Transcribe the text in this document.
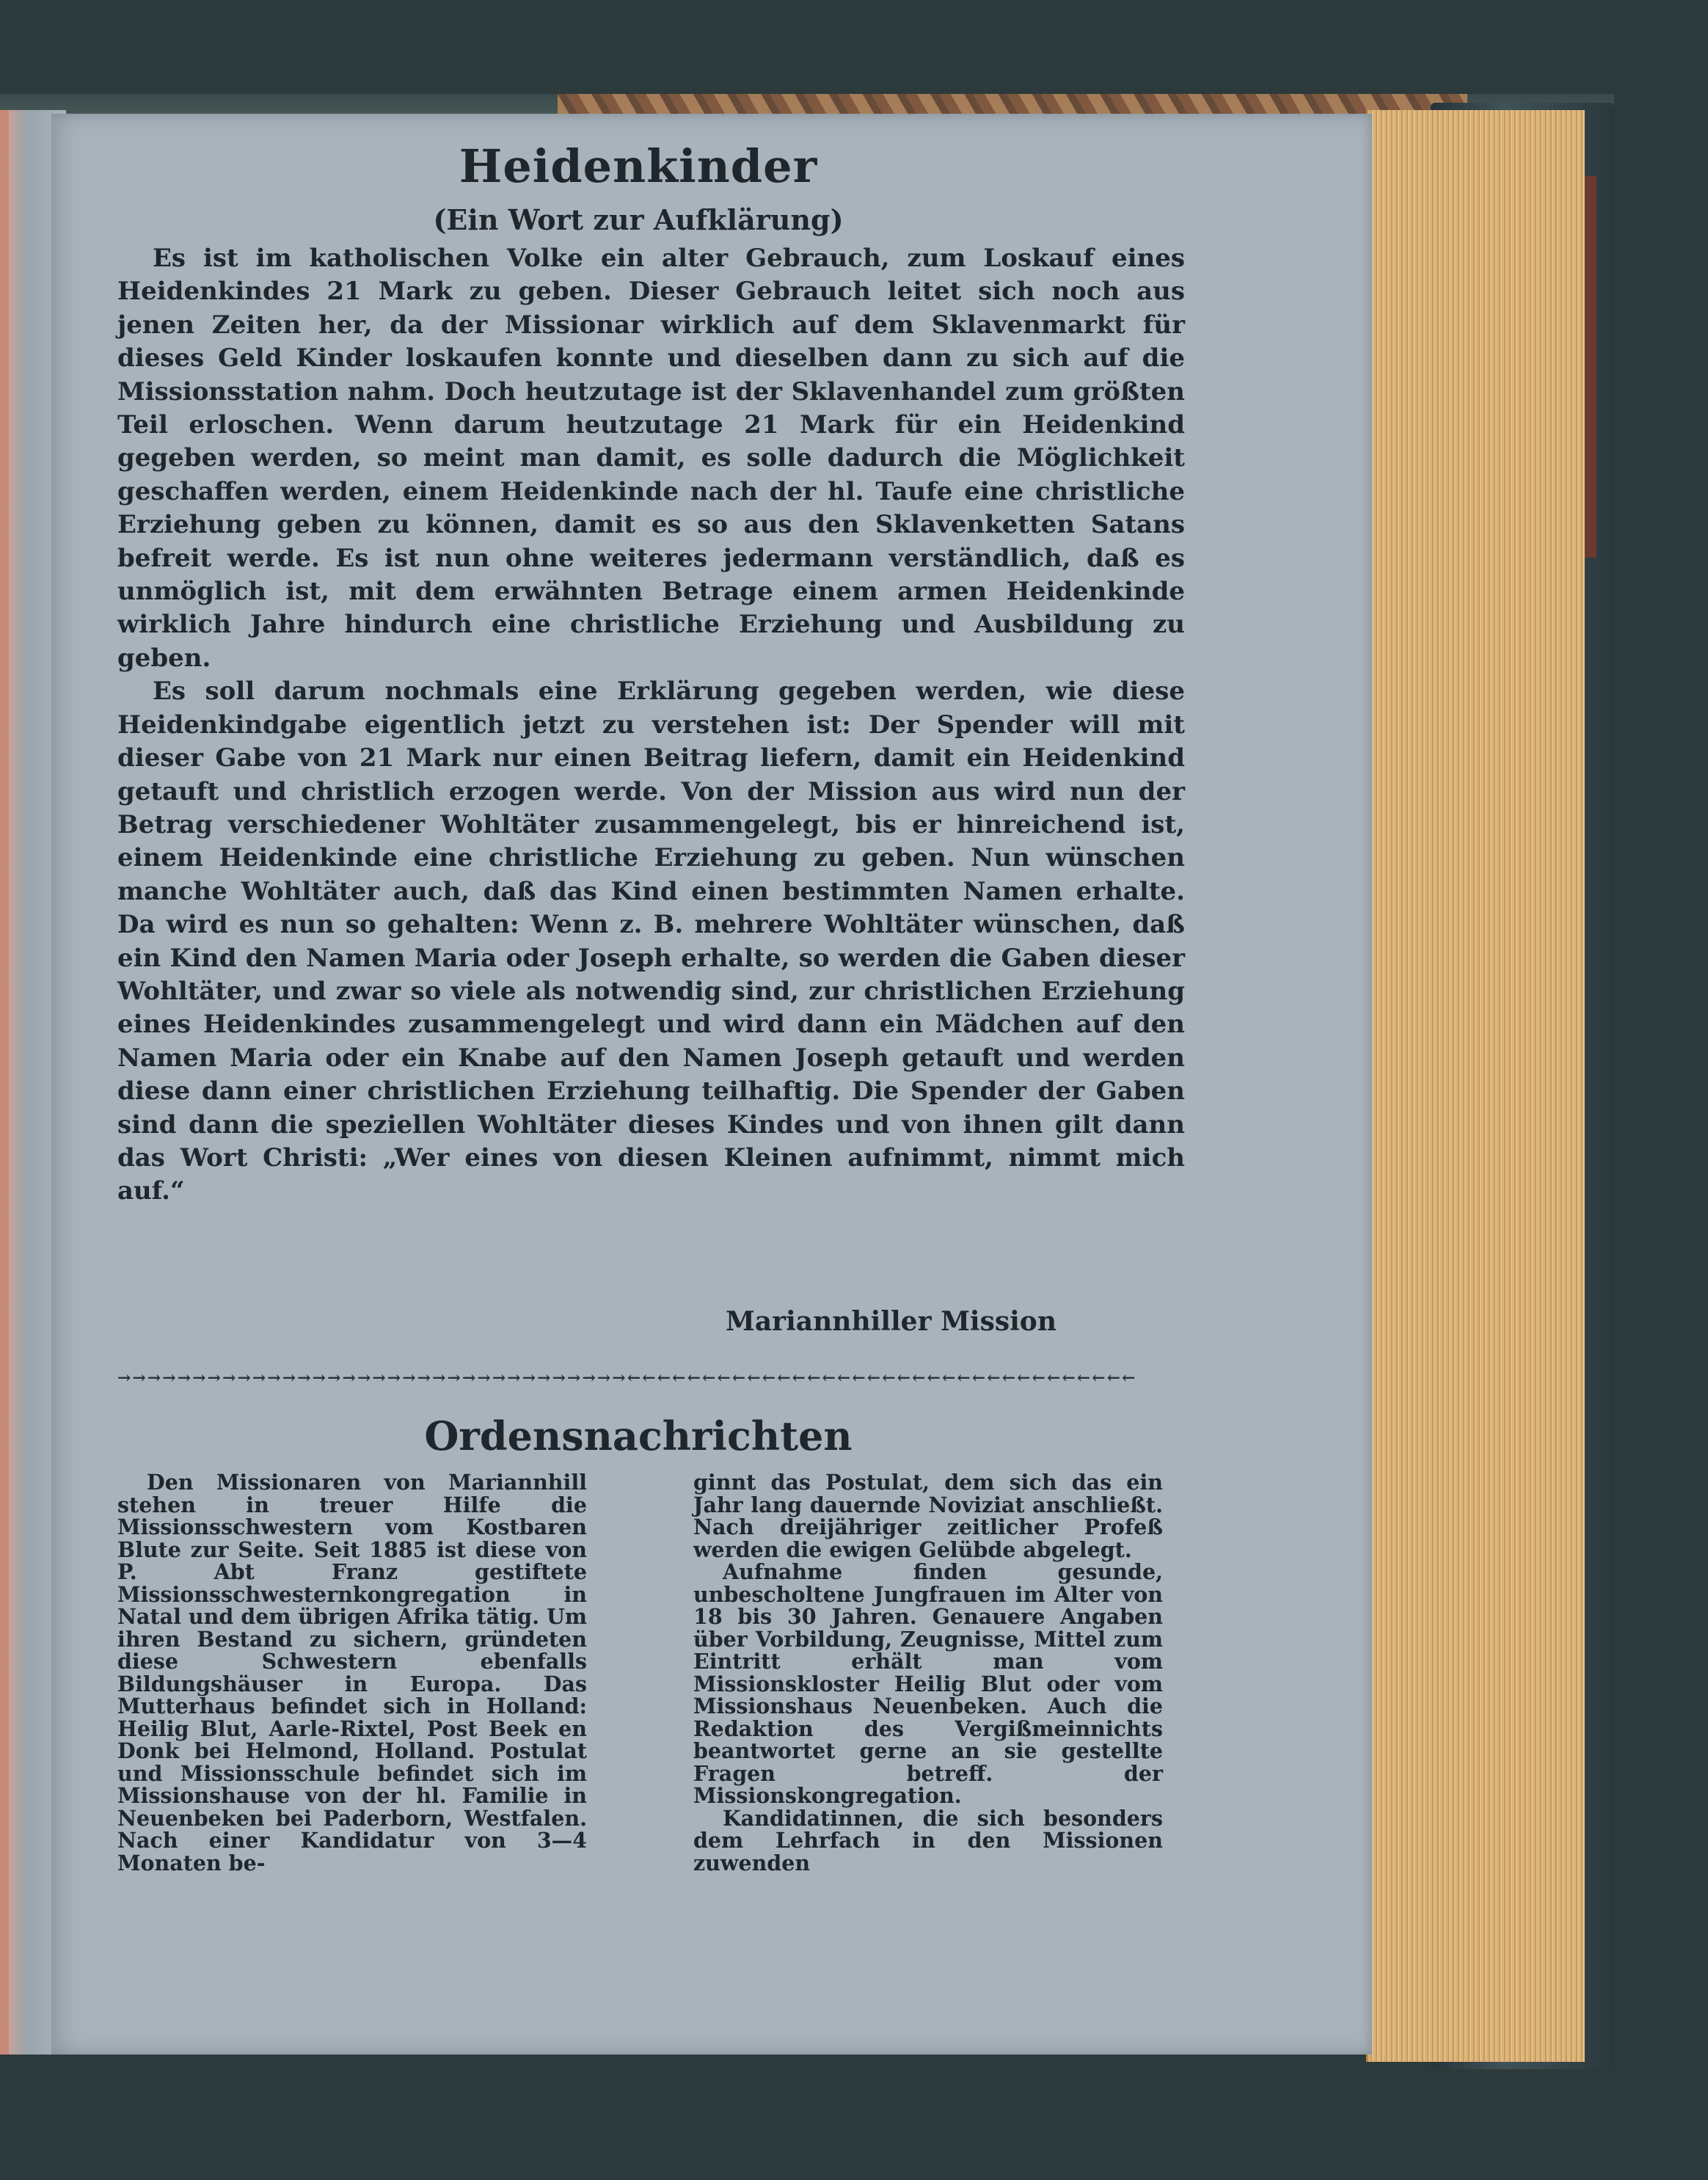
Heidenkinder
(Ein Wort zur Aufklärung)

Es ist im katholischen Volke ein alter Gebrauch, zum Loskauf eines Heidenkindes 21 Mark zu geben. Dieser Gebrauch leitet sich noch aus jenen Zeiten her, da der Missionar wirklich auf dem Sklavenmarkt für dieses Geld Kinder loskaufen konnte und dieselben dann zu sich auf die Missionsstation nahm. Doch heutzutage ist der Sklavenhandel zum größten Teil erloschen. Wenn darum heutzutage 21 Mark für ein Heidenkind gegeben werden, so meint man damit, es solle dadurch die Möglichkeit geschaffen werden, einem Heidenkinde nach der hl. Taufe eine christliche Erziehung geben zu können, damit es so aus den Sklavenketten Satans befreit werde. Es ist nun ohne weiteres jedermann verständlich, daß es unmöglich ist, mit dem erwähnten Betrage einem armen Heidenkinde wirklich Jahre hindurch eine christliche Erziehung und Ausbildung zu geben.

Es soll darum nochmals eine Erklärung gegeben werden, wie diese Heidenkindgabe eigentlich jetzt zu verstehen ist: Der Spender will mit dieser Gabe von 21 Mark nur einen Beitrag liefern, damit ein Heidenkind getauft und christlich erzogen werde. Von der Mission aus wird nun der Betrag verschiedener Wohltäter zusammengelegt, bis er hinreichend ist, einem Heidenkinde eine christliche Erziehung zu geben. Nun wünschen manche Wohltäter auch, daß das Kind einen bestimmten Namen erhalte. Da wird es nun so gehalten: Wenn z. B. mehrere Wohltäter wünschen, daß ein Kind den Namen Maria oder Joseph erhalte, so werden die Gaben dieser Wohltäter, und zwar so viele als notwendig sind, zur christlichen Erziehung eines Heidenkindes zusammengelegt und wird dann ein Mädchen auf den Namen Maria oder ein Knabe auf den Namen Joseph getauft und werden diese dann einer christlichen Erziehung teilhaftig. Die Spender der Gaben sind dann die speziellen Wohltäter dieses Kindes und von ihnen gilt dann das Wort Christi: „Wer eines von diesen Kleinen aufnimmt, nimmt mich auf.“

Mariannhiller Mission
→→→→→→→→→→→→→→→→→→→→→→→→→→→→→→→→→→←←←←←←←←←←←←←←←←←←←←←←←←←←←←←←←←←←
Ordensnachrichten

Den Missionaren von Mariannhill stehen in treuer Hilfe die Missionsschwestern vom Kostbaren Blute zur Seite. Seit 1885 ist diese von P. Abt Franz gestiftete Missionsschwesternkongregation in Natal und dem übrigen Afrika tätig. Um ihren Bestand zu sichern, gründeten diese Schwestern ebenfalls Bildungshäuser in Europa. Das Mutterhaus befindet sich in Holland: Heilig Blut, Aarle-Rixtel, Post Beek en Donk bei Helmond, Holland. Postulat und Missionsschule befindet sich im Missionshause von der hl. Familie in Neuenbeken bei Paderborn, Westfalen. Nach einer Kandidatur von 3—4 Monaten be-

ginnt das Postulat, dem sich das ein Jahr lang dauernde Noviziat anschließt. Nach dreijähriger zeitlicher Profeß werden die ewigen Gelübde abgelegt.

Aufnahme finden gesunde, unbescholtene Jungfrauen im Alter von 18 bis 30 Jahren. Genauere Angaben über Vorbildung, Zeugnisse, Mittel zum Eintritt erhält man vom Missionskloster Heilig Blut oder vom Missionshaus Neuenbeken. Auch die Redaktion des Vergißmeinnichts beantwortet gerne an sie gestellte Fragen betreff. der Missionskongregation.

Kandidatinnen, die sich besonders dem Lehrfach in den Missionen zuwenden
